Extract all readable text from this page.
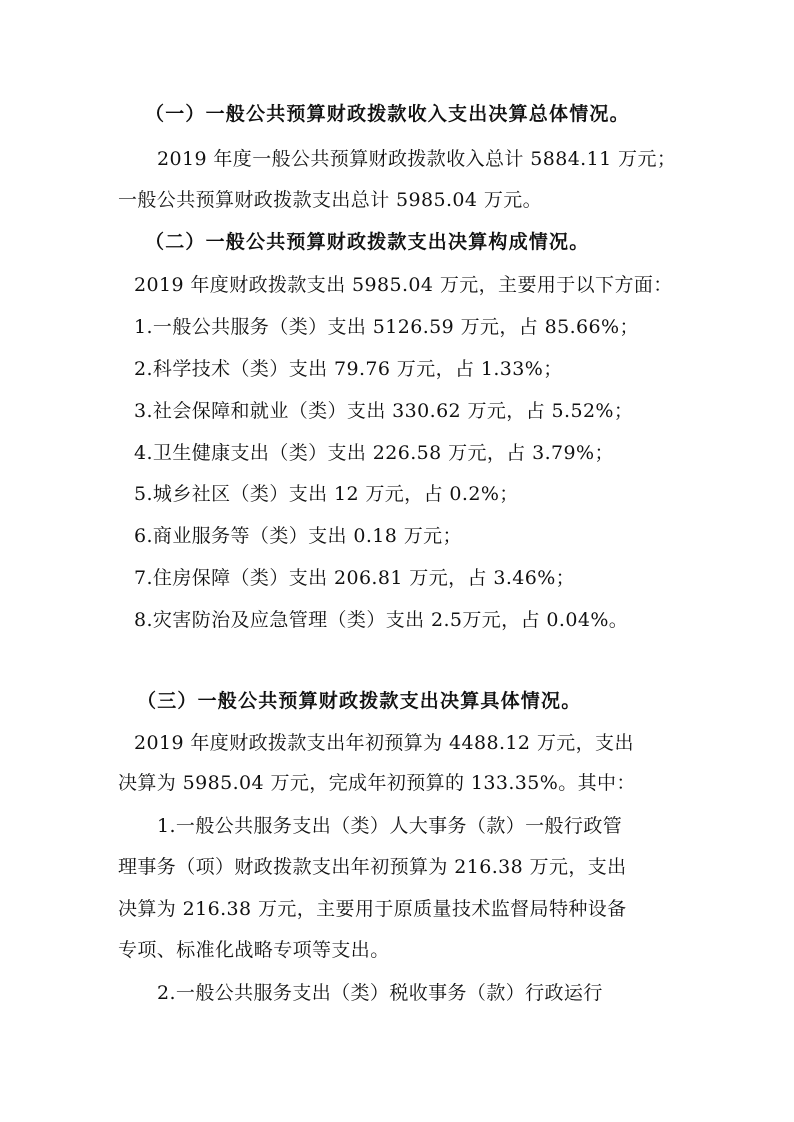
（一）一般公共预算财政拨款收入支出决算总体情况。
2019 年度一般公共预算财政拨款收入总计 5884.11 万元；
一般公共预算财政拨款支出总计 5985.04 万元。
（二）一般公共预算财政拨款支出决算构成情况。
2019 年度财政拨款支出 5985.04 万元，主要用于以下方面：
1.一般公共服务（类）支出 5126.59 万元，占 85.66%；
2.科学技术（类）支出 79.76 万元，占 1.33%；
3.社会保障和就业（类）支出 330.62 万元，占 5.52%；
4.卫生健康支出（类）支出 226.58 万元，占 3.79%；
5.城乡社区（类）支出 12 万元，占 0.2%；
6.商业服务等（类）支出 0.18 万元；
7.住房保障（类）支出 206.81 万元，占 3.46%；
8.灾害防治及应急管理（类）支出 2.5万元，占 0.04%。
（三）一般公共预算财政拨款支出决算具体情况。
2019 年度财政拨款支出年初预算为 4488.12 万元，支出
决算为 5985.04 万元，完成年初预算的 133.35%。其中：
1.一般公共服务支出（类）人大事务（款）一般行政管
理事务（项）财政拨款支出年初预算为 216.38 万元，支出
决算为 216.38 万元，主要用于原质量技术监督局特种设备
专项、标准化战略专项等支出。
2.一般公共服务支出（类）税收事务（款）行政运行
